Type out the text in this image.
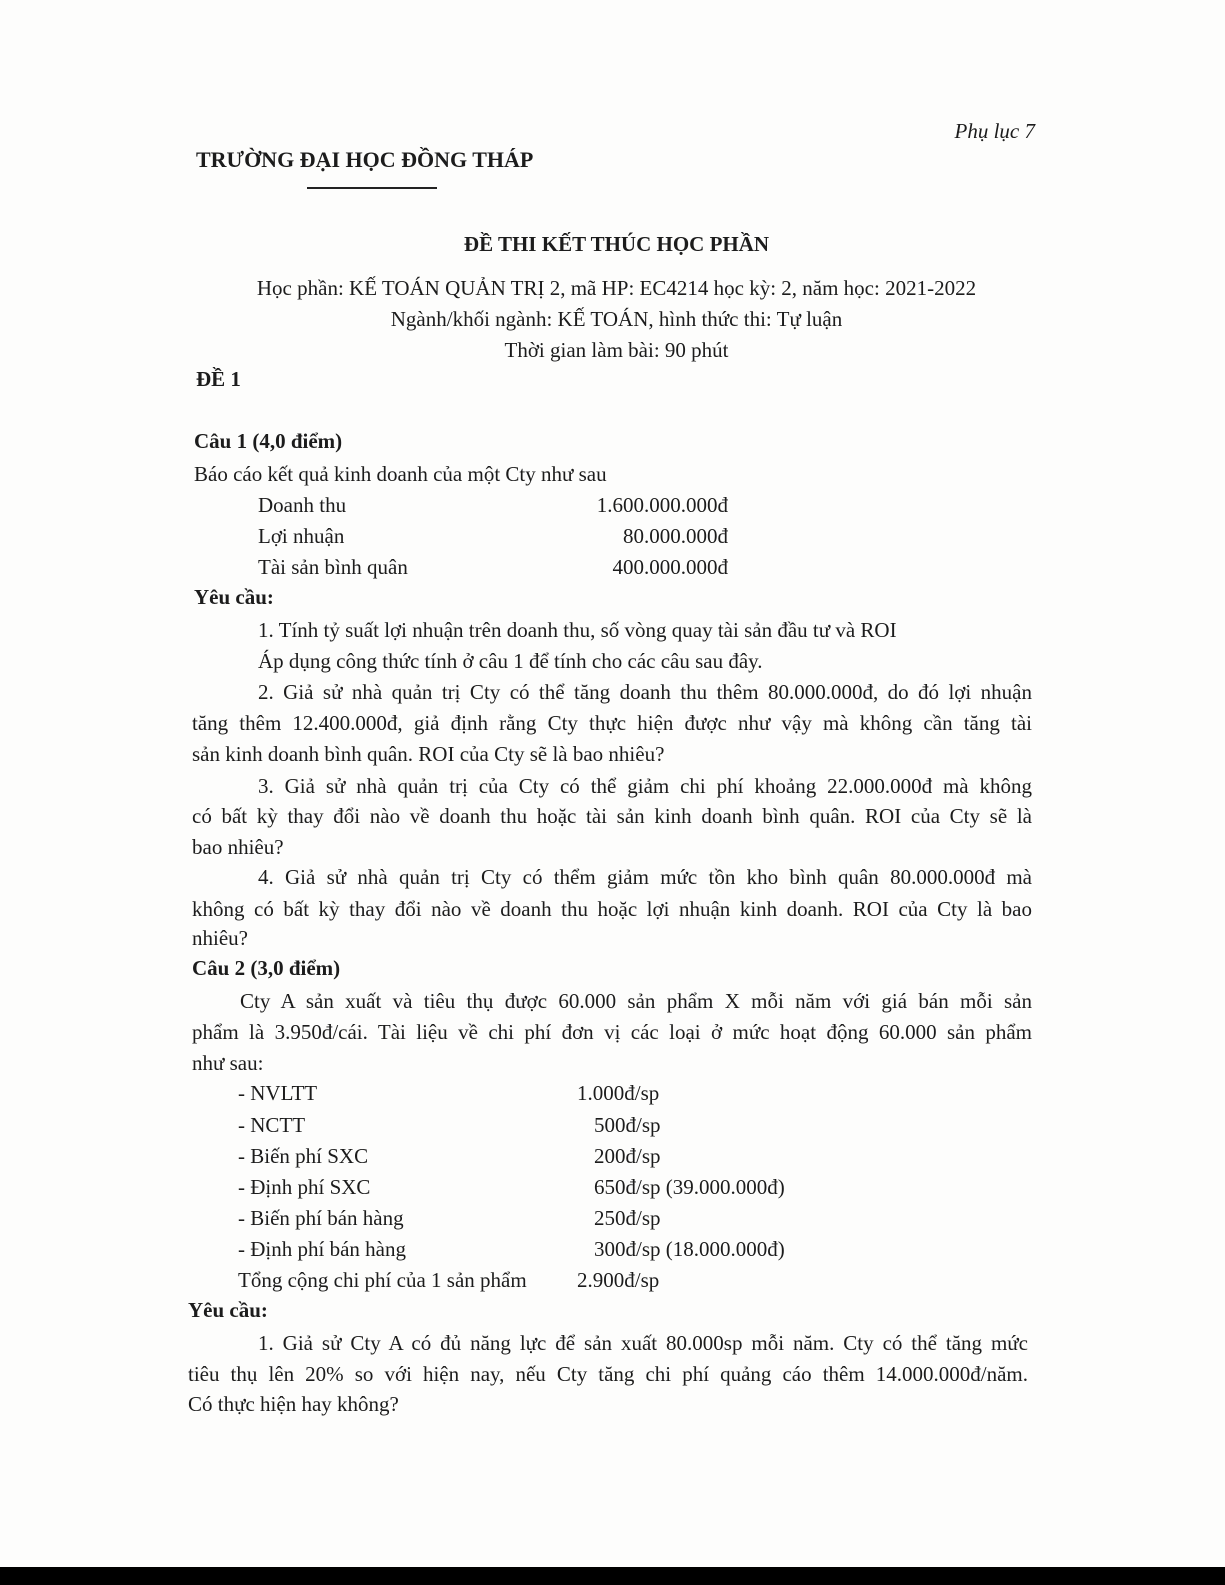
Phụ lục 7
TRƯỜNG ĐẠI HỌC ĐỒNG THÁP
ĐỀ THI KẾT THÚC HỌC PHẦN
Học phần: KẾ TOÁN QUẢN TRỊ 2, mã HP: EC4214 học kỳ: 2, năm học: 2021-2022
Ngành/khối ngành: KẾ TOÁN, hình thức thi: Tự luận
Thời gian làm bài: 90 phút
ĐỀ 1
Câu 1 (4,0 điểm)
Báo cáo kết quả kinh doanh của một Cty như sau
Doanh thu	1.600.000.000đ
Lợi nhuận	80.000.000đ
Tài sản bình quân	400.000.000đ
Yêu cầu:
1. Tính tỷ suất lợi nhuận trên doanh thu, số vòng quay tài sản đầu tư và ROI
Áp dụng công thức tính ở câu 1 để tính cho các câu sau đây.
2. Giả sử nhà quản trị Cty có thể tăng doanh thu thêm 80.000.000đ, do đó lợi nhuận
tăng thêm 12.400.000đ, giả định rằng Cty thực hiện được như vậy mà không cần tăng tài
sản kinh doanh bình quân. ROI của Cty sẽ là bao nhiêu?
3. Giả sử nhà quản trị của Cty có thể giảm chi phí khoảng 22.000.000đ mà không
có bất kỳ thay đổi nào về doanh thu hoặc tài sản kinh doanh bình quân. ROI của Cty sẽ là
bao nhiêu?
4. Giả sử nhà quản trị Cty có thểm giảm mức tồn kho bình quân 80.000.000đ mà
không có bất kỳ thay đổi nào về doanh thu hoặc lợi nhuận kinh doanh. ROI của Cty là bao
nhiêu?
Câu 2 (3,0 điểm)
Cty A sản xuất và tiêu thụ được 60.000 sản phẩm X mỗi năm với giá bán mỗi sản
phẩm là 3.950đ/cái. Tài liệu về chi phí đơn vị các loại ở mức hoạt động 60.000 sản phẩm
như sau:
- NVLTT	1.000đ/sp
- NCTT	500đ/sp
- Biến phí SXC	200đ/sp
- Định phí SXC	650đ/sp (39.000.000đ)
- Biến phí bán hàng	250đ/sp
- Định phí bán hàng	300đ/sp (18.000.000đ)
Tổng cộng chi phí của 1 sản phẩm 2.900đ/sp
Yêu cầu:
1. Giả sử Cty A có đủ năng lực để sản xuất 80.000sp mỗi năm. Cty có thể tăng mức
tiêu thụ lên 20% so với hiện nay, nếu Cty tăng chi phí quảng cáo thêm 14.000.000đ/năm.
Có thực hiện hay không?
